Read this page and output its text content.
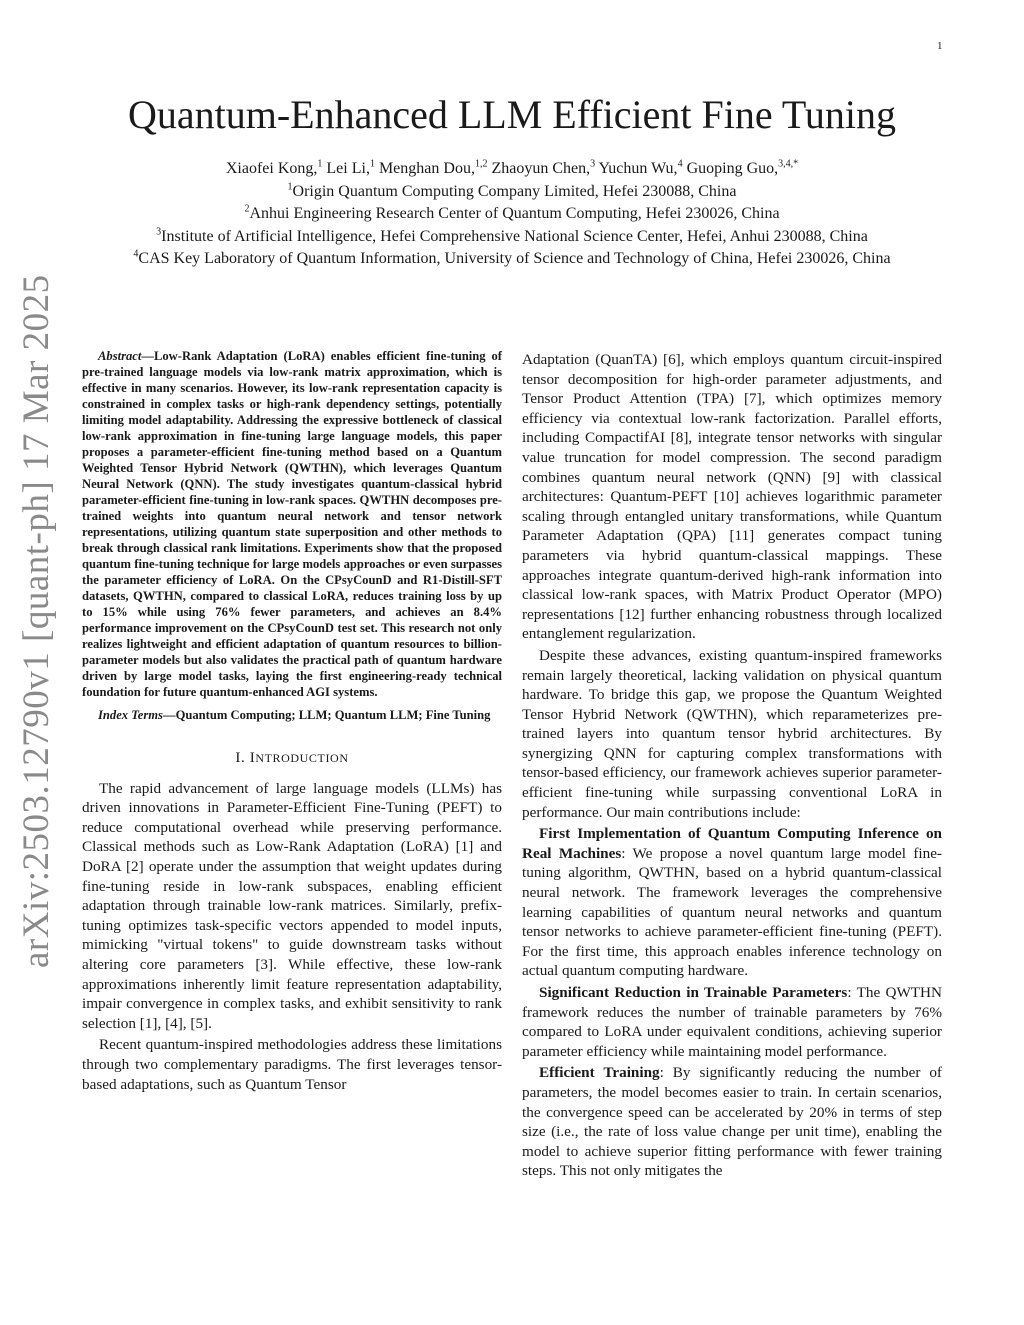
1
arXiv:2503.12790v1 [quant-ph] 17 Mar 2025
Quantum-Enhanced LLM Efficient Fine Tuning
Xiaofei Kong,$^1$ Lei Li,$^1$ Menghan Dou,$^{1,2}$ Zhaoyun Chen,$^3$ Yuchun Wu,$^4$ Guoping Guo,$^{3,4,*}$
$^1$Origin Quantum Computing Company Limited, Hefei 230088, China
$^2$Anhui Engineering Research Center of Quantum Computing, Hefei 230026, China
$^3$Institute of Artificial Intelligence, Hefei Comprehensive National Science Center, Hefei, Anhui 230088, China
$^4$CAS Key Laboratory of Quantum Information, University of Science and Technology of China, Hefei 230026, China

Abstract—Low-Rank Adaptation (LoRA) enables efficient fine-tuning of pre-trained language models via low-rank matrix approximation, which is effective in many scenarios. However, its low-rank representation capacity is constrained in complex tasks or high-rank dependency settings, potentially limiting model adaptability. Addressing the expressive bottleneck of classical low-rank approximation in fine-tuning large language models, this paper proposes a parameter-efficient fine-tuning method based on a Quantum Weighted Tensor Hybrid Network (QWTHN), which leverages Quantum Neural Network (QNN). The study investigates quantum-classical hybrid parameter-efficient fine-tuning in low-rank spaces. QWTHN decomposes pre-trained weights into quantum neural network and tensor network representations, utilizing quantum state superposition and other methods to break through classical rank limitations. Experiments show that the proposed quantum fine-tuning technique for large models approaches or even surpasses the parameter efficiency of LoRA. On the CPsyCounD and R1-Distill-SFT datasets, QWTHN, compared to classical LoRA, reduces training loss by up to 15% while using 76% fewer parameters, and achieves an 8.4% performance improvement on the CPsyCounD test set. This research not only realizes lightweight and efficient adaptation of quantum resources to billion-parameter models but also validates the practical path of quantum hardware driven by large model tasks, laying the first engineering-ready technical foundation for future quantum-enhanced AGI systems.

Index Terms—Quantum Computing; LLM; Quantum LLM; Fine Tuning

I. INTRODUCTION

The rapid advancement of large language models (LLMs) has driven innovations in Parameter-Efficient Fine-Tuning (PEFT) to reduce computational overhead while preserving performance. Classical methods such as Low-Rank Adaptation (LoRA) [1] and DoRA [2] operate under the assumption that weight updates during fine-tuning reside in low-rank subspaces, enabling efficient adaptation through trainable low-rank matrices. Similarly, prefix-tuning optimizes task-specific vectors appended to model inputs, mimicking "virtual tokens" to guide downstream tasks without altering core parameters [3]. While effective, these low-rank approximations inherently limit feature representation adaptability, impair convergence in complex tasks, and exhibit sensitivity to rank selection [1], [4], [5].

Recent quantum-inspired methodologies address these limitations through two complementary paradigms. The first leverages tensor-based adaptations, such as Quantum Tensor

Adaptation (QuanTA) [6], which employs quantum circuit-inspired tensor decomposition for high-order parameter adjustments, and Tensor Product Attention (TPA) [7], which optimizes memory efficiency via contextual low-rank factorization. Parallel efforts, including CompactifAI [8], integrate tensor networks with singular value truncation for model compression. The second paradigm combines quantum neural network (QNN) [9] with classical architectures: Quantum-PEFT [10] achieves logarithmic parameter scaling through entangled unitary transformations, while Quantum Parameter Adaptation (QPA) [11] generates compact tuning parameters via hybrid quantum-classical mappings. These approaches integrate quantum-derived high-rank information into classical low-rank spaces, with Matrix Product Operator (MPO) representations [12] further enhancing robustness through localized entanglement regularization.

Despite these advances, existing quantum-inspired frameworks remain largely theoretical, lacking validation on physical quantum hardware. To bridge this gap, we propose the Quantum Weighted Tensor Hybrid Network (QWTHN), which reparameterizes pre-trained layers into quantum tensor hybrid architectures. By synergizing QNN for capturing complex transformations with tensor-based efficiency, our framework achieves superior parameter-efficient fine-tuning while surpassing conventional LoRA in performance. Our main contributions include:

First Implementation of Quantum Computing Inference on Real Machines: We propose a novel quantum large model fine-tuning algorithm, QWTHN, based on a hybrid quantum-classical neural network. The framework leverages the comprehensive learning capabilities of quantum neural networks and quantum tensor networks to achieve parameter-efficient fine-tuning (PEFT). For the first time, this approach enables inference technology on actual quantum computing hardware.

Significant Reduction in Trainable Parameters: The QWTHN framework reduces the number of trainable parameters by 76% compared to LoRA under equivalent conditions, achieving superior parameter efficiency while maintaining model performance.

Efficient Training: By significantly reducing the number of parameters, the model becomes easier to train. In certain scenarios, the convergence speed can be accelerated by 20% in terms of step size (i.e., the rate of loss value change per unit time), enabling the model to achieve superior fitting performance with fewer training steps. This not only mitigates the
